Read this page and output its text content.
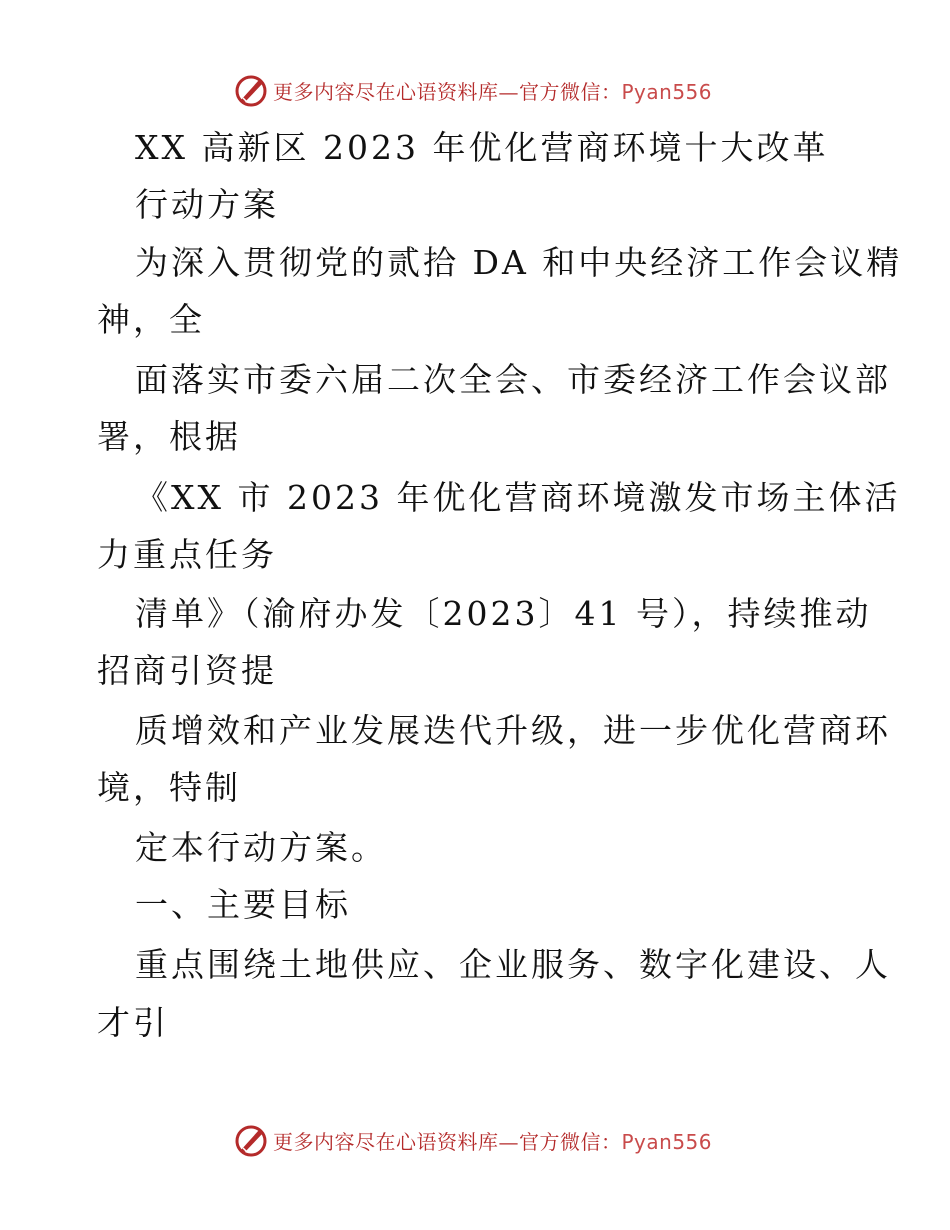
更多内容尽在心语资料库—官方微信：Pyan556
XX 高新区 2023 年优化营商环境十大改革
行动方案
为深入贯彻党的贰拾 DA 和中央经济工作会议精
神，全
面落实市委六届二次全会、市委经济工作会议部
署，根据
《XX 市 2023 年优化营商环境激发市场主体活
力重点任务
清单》（渝府办发〔2023〕41 号），持续推动
招商引资提
质增效和产业发展迭代升级，进一步优化营商环
境，特制
定本行动方案。
一、主要目标
重点围绕土地供应、企业服务、数字化建设、人
才引
更多内容尽在心语资料库—官方微信：Pyan556
